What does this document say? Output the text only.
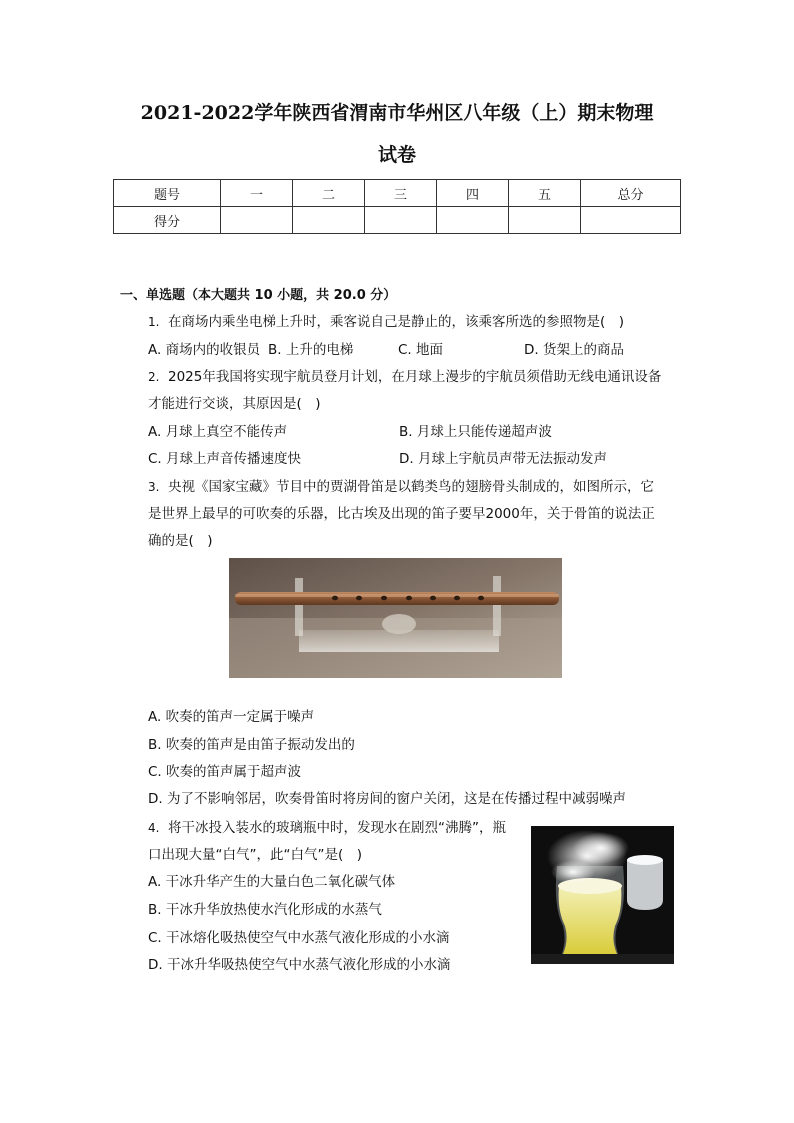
2021-2022学年陕西省渭南市华州区八年级（上）期末物理
试卷
题号	一	二	三	四	五	总分
得分						
一、单选题（本大题共 10 小题，共 20.0 分）
1. 在商场内乘坐电梯上升时，乘客说自己是静止的，该乘客所选的参照物是(　)
A. 商场内的收银员 B. 上升的电梯	C. 地面	D. 货架上的商品
2. 2025年我国将实现宇航员登月计划，在月球上漫步的宇航员须借助无线电通讯设备
才能进行交谈，其原因是(　)
A. 月球上真空不能传声	B. 月球上只能传递超声波
C. 月球上声音传播速度快	D. 月球上宇航员声带无法振动发声
3. 央视《国家宝藏》节目中的贾湖骨笛是以鹤类鸟的翅膀骨头制成的，如图所示，它
是世界上最早的可吹奏的乐器，比古埃及出现的笛子要早2000年，关于骨笛的说法正
确的是(　)
A. 吹奏的笛声一定属于噪声
B. 吹奏的笛声是由笛子振动发出的
C. 吹奏的笛声属于超声波
D. 为了不影响邻居，吹奏骨笛时将房间的窗户关闭，这是在传播过程中减弱噪声
4. 将干冰投入装水的玻璃瓶中时，发现水在剧烈“沸腾”，瓶
口出现大量“白气”，此“白气”是(　)
A. 干冰升华产生的大量白色二氧化碳气体
B. 干冰升华放热使水汽化形成的水蒸气
C. 干冰熔化吸热使空气中水蒸气液化形成的小水滴
D. 干冰升华吸热使空气中水蒸气液化形成的小水滴
